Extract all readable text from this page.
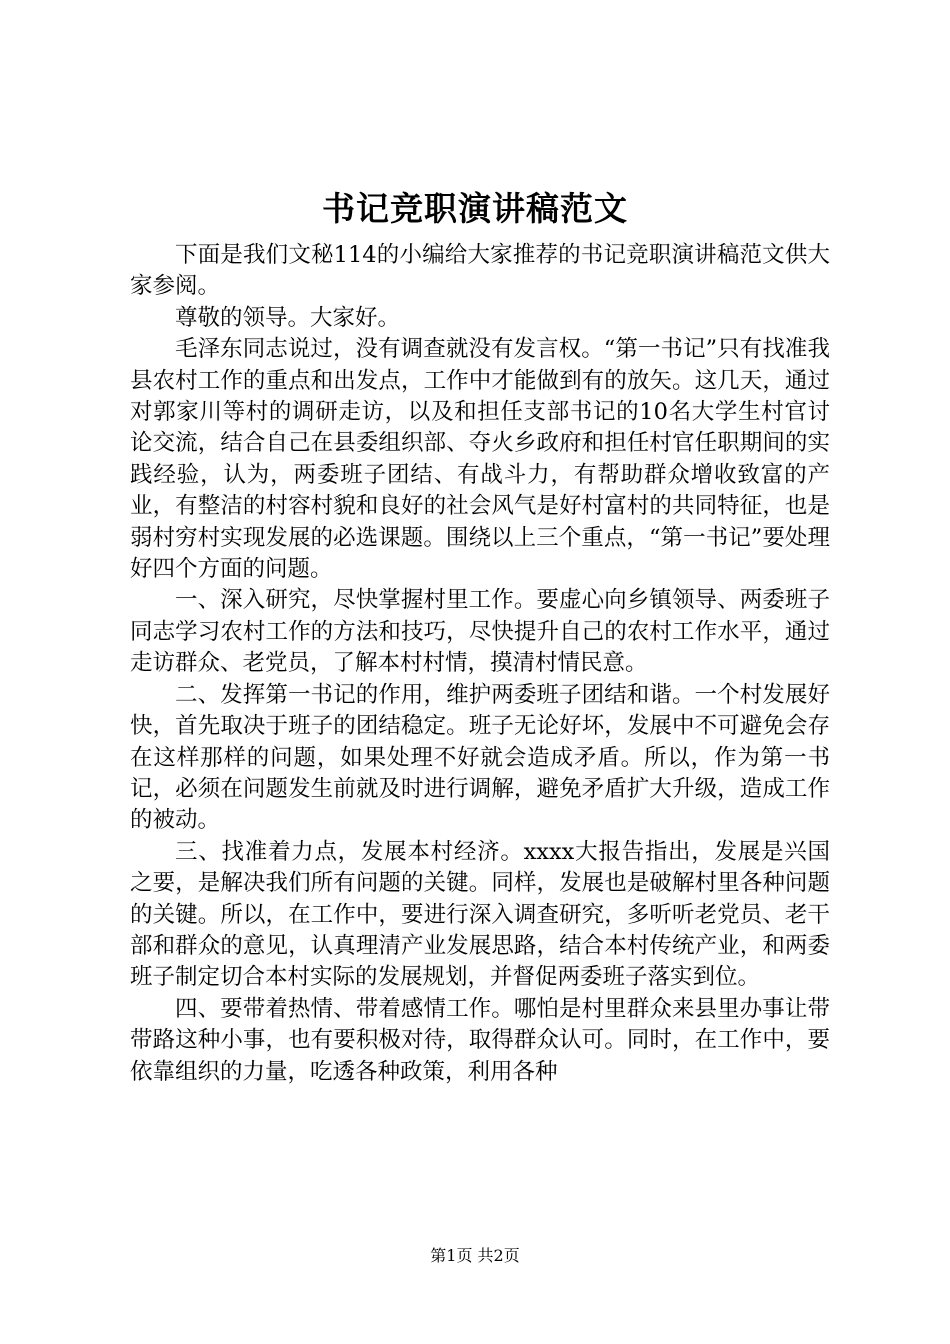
书记竞职演讲稿范文

下面是我们文秘114的小编给大家推荐的书记竞职演讲稿范文供大家参阅。

尊敬的领导。大家好。

毛泽东同志说过，没有调查就没有发言权。“第一书记”只有找准我县农村工作的重点和出发点，工作中才能做到有的放矢。这几天，通过对郭家川等村的调研走访，以及和担任支部书记的10名大学生村官讨论交流，结合自己在县委组织部、夺火乡政府和担任村官任职期间的实践经验，认为，两委班子团结、有战斗力，有帮助群众增收致富的产业，有整洁的村容村貌和良好的社会风气是好村富村的共同特征，也是弱村穷村实现发展的必选课题。围绕以上三个重点，“第一书记”要处理好四个方面的问题。

一、深入研究，尽快掌握村里工作。要虚心向乡镇领导、两委班子同志学习农村工作的方法和技巧，尽快提升自己的农村工作水平，通过走访群众、老党员，了解本村村情，摸清村情民意。

二、发挥第一书记的作用，维护两委班子团结和谐。一个村发展好快，首先取决于班子的团结稳定。班子无论好坏，发展中不可避免会存在这样那样的问题，如果处理不好就会造成矛盾。所以，作为第一书记，必须在问题发生前就及时进行调解，避免矛盾扩大升级，造成工作的被动。

三、找准着力点，发展本村经济。xxxx大报告指出，发展是兴国之要，是解决我们所有问题的关键。同样，发展也是破解村里各种问题的关键。所以，在工作中，要进行深入调查研究，多听听老党员、老干部和群众的意见，认真理清产业发展思路，结合本村传统产业，和两委班子制定切合本村实际的发展规划，并督促两委班子落实到位。

四、要带着热情、带着感情工作。哪怕是村里群众来县里办事让带带路这种小事，也有要积极对待，取得群众认可。同时，在工作中，要依靠组织的力量，吃透各种政策，利用各种

第1页 共2页
